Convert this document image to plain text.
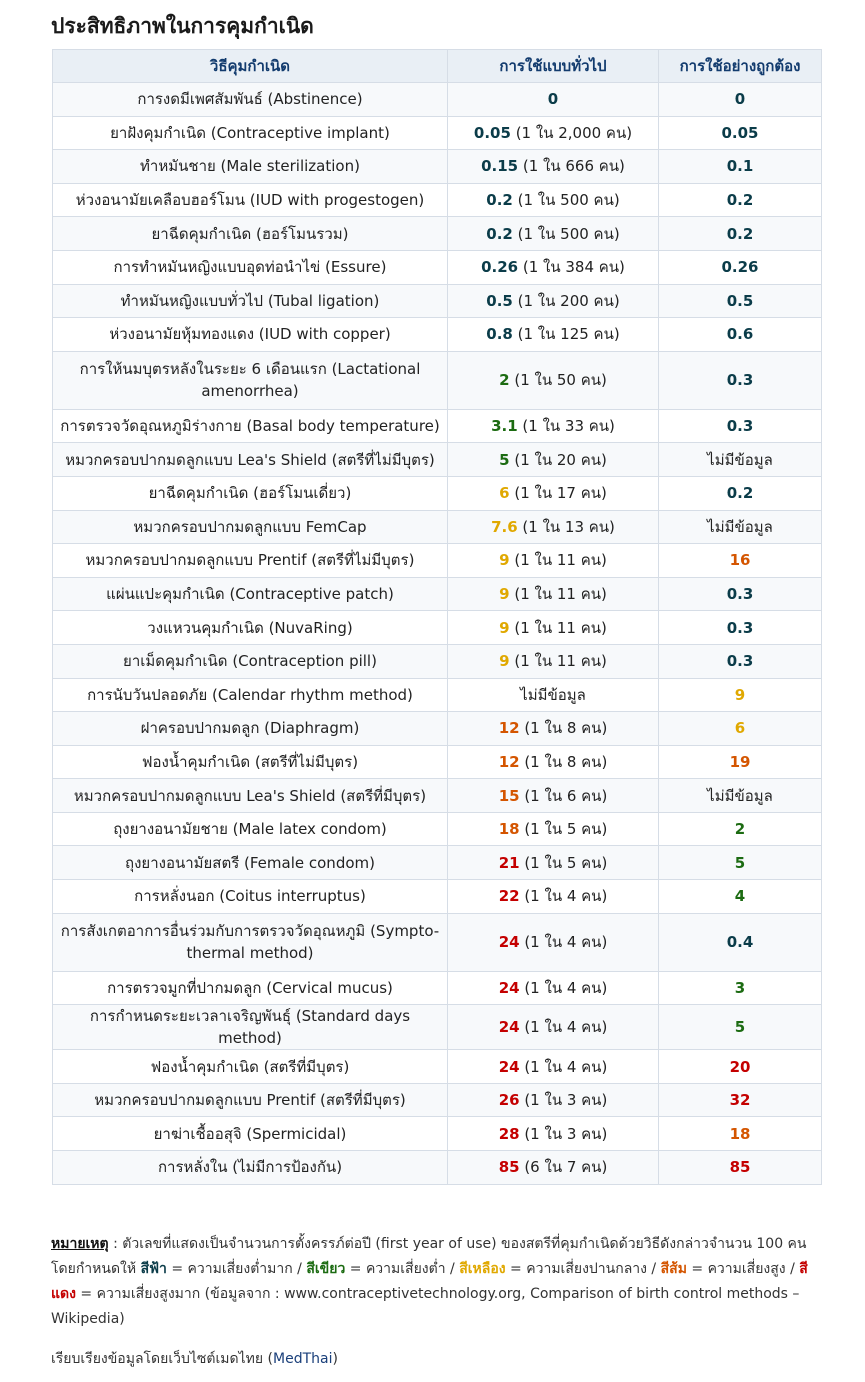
ประสิทธิภาพในการคุมกำเนิด
วิธีคุมกำเนิด	การใช้แบบทั่วไป	การใช้อย่างถูกต้อง
การงดมีเพศสัมพันธ์ (Abstinence)	0	0
ยาฝังคุมกำเนิด (Contraceptive implant)	0.05 (1 ใน 2,000 คน)	0.05
ทำหมันชาย (Male sterilization)	0.15 (1 ใน 666 คน)	0.1
ห่วงอนามัยเคลือบฮอร์โมน (IUD with progestogen)	0.2 (1 ใน 500 คน)	0.2
ยาฉีดคุมกำเนิด (ฮอร์โมนรวม)	0.2 (1 ใน 500 คน)	0.2
การทำหมันหญิงแบบอุดท่อนำไข่ (Essure)	0.26 (1 ใน 384 คน)	0.26
ทำหมันหญิงแบบทั่วไป (Tubal ligation)	0.5 (1 ใน 200 คน)	0.5
ห่วงอนามัยหุ้มทองแดง (IUD with copper)	0.8 (1 ใน 125 คน)	0.6
การให้นมบุตรหลังในระยะ 6 เดือนแรก (Lactational amenorrhea)	2 (1 ใน 50 คน)	0.3
การตรวจวัดอุณหภูมิร่างกาย (Basal body temperature)	3.1 (1 ใน 33 คน)	0.3
หมวกครอบปากมดลูกแบบ Lea's Shield (สตรีที่ไม่มีบุตร)	5 (1 ใน 20 คน)	ไม่มีข้อมูล
ยาฉีดคุมกำเนิด (ฮอร์โมนเดี่ยว)	6 (1 ใน 17 คน)	0.2
หมวกครอบปากมดลูกแบบ FemCap	7.6 (1 ใน 13 คน)	ไม่มีข้อมูล
หมวกครอบปากมดลูกแบบ Prentif (สตรีที่ไม่มีบุตร)	9 (1 ใน 11 คน)	16
แผ่นแปะคุมกำเนิด (Contraceptive patch)	9 (1 ใน 11 คน)	0.3
วงแหวนคุมกำเนิด (NuvaRing)	9 (1 ใน 11 คน)	0.3
ยาเม็ดคุมกำเนิด (Contraception pill)	9 (1 ใน 11 คน)	0.3
การนับวันปลอดภัย (Calendar rhythm method)	ไม่มีข้อมูล	9
ฝาครอบปากมดลูก (Diaphragm)	12 (1 ใน 8 คน)	6
ฟองน้ำคุมกำเนิด (สตรีที่ไม่มีบุตร)	12 (1 ใน 8 คน)	19
หมวกครอบปากมดลูกแบบ Lea's Shield (สตรีที่มีบุตร)	15 (1 ใน 6 คน)	ไม่มีข้อมูล
ถุงยางอนามัยชาย (Male latex condom)	18 (1 ใน 5 คน)	2
ถุงยางอนามัยสตรี (Female condom)	21 (1 ใน 5 คน)	5
การหลั่งนอก (Coitus interruptus)	22 (1 ใน 4 คน)	4
การสังเกตอาการอื่นร่วมกับการตรวจวัดอุณหภูมิ (Sympto-thermal method)	24 (1 ใน 4 คน)	0.4
การตรวจมูกที่ปากมดลูก (Cervical mucus)	24 (1 ใน 4 คน)	3
การกำหนดระยะเวลาเจริญพันธุ์ (Standard days method)	24 (1 ใน 4 คน)	5
ฟองน้ำคุมกำเนิด (สตรีที่มีบุตร)	24 (1 ใน 4 คน)	20
หมวกครอบปากมดลูกแบบ Prentif (สตรีที่มีบุตร)	26 (1 ใน 3 คน)	32
ยาฆ่าเชื้ออสุจิ (Spermicidal)	28 (1 ใน 3 คน)	18
การหลั่งใน (ไม่มีการป้องกัน)	85 (6 ใน 7 คน)	85

หมายเหตุ : ตัวเลขที่แสดงเป็นจำนวนการตั้งครรภ์ต่อปี (first year of use) ของสตรีที่คุมกำเนิดด้วยวิธีดังกล่าวจำนวน 100 คน โดยกำหนดให้ สีฟ้า = ความเสี่ยงต่ำมาก / สีเขียว = ความเสี่ยงต่ำ / สีเหลือง = ความเสี่ยงปานกลาง / สีส้ม = ความเสี่ยงสูง / สีแดง = ความเสี่ยงสูงมาก (ข้อมูลจาก : www.contraceptivetechnology.org, Comparison of birth control methods – Wikipedia)

เรียบเรียงข้อมูลโดยเว็บไซต์เมดไทย (MedThai)
